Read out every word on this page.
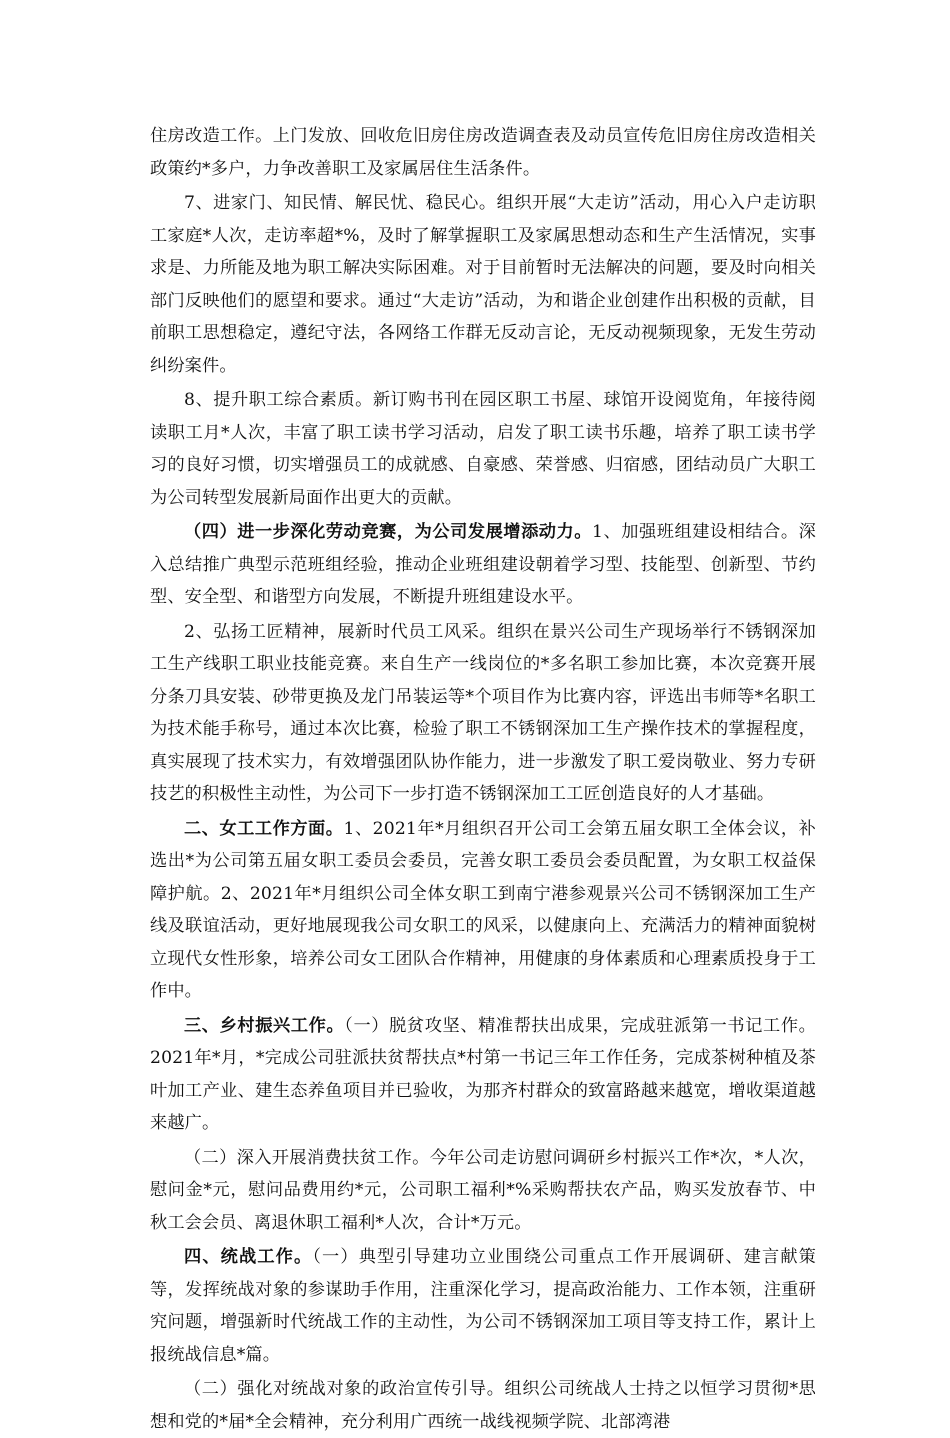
住房改造工作。上门发放、回收危旧房住房改造调查表及动员宣传危旧房住房改造相关政策约*多户，力争改善职工及家属居住生活条件。

7、进家门、知民情、解民忧、稳民心。组织开展“大走访”活动，用心入户走访职工家庭*人次，走访率超*%，及时了解掌握职工及家属思想动态和生产生活情况，实事求是、力所能及地为职工解决实际困难。对于目前暂时无法解决的问题，要及时向相关部门反映他们的愿望和要求。通过“大走访”活动，为和谐企业创建作出积极的贡献，目前职工思想稳定，遵纪守法，各网络工作群无反动言论，无反动视频现象，无发生劳动纠纷案件。

8、提升职工综合素质。新订购书刊在园区职工书屋、球馆开设阅览角，年接待阅读职工月*人次，丰富了职工读书学习活动，启发了职工读书乐趣，培养了职工读书学习的良好习惯，切实增强员工的成就感、自豪感、荣誉感、归宿感，团结动员广大职工为公司转型发展新局面作出更大的贡献。

（四）进一步深化劳动竞赛，为公司发展增添动力。1、加强班组建设相结合。深入总结推广典型示范班组经验，推动企业班组建设朝着学习型、技能型、创新型、节约型、安全型、和谐型方向发展，不断提升班组建设水平。

2、弘扬工匠精神，展新时代员工风采。组织在景兴公司生产现场举行不锈钢深加工生产线职工职业技能竞赛。来自生产一线岗位的*多名职工参加比赛，本次竞赛开展分条刀具安装、砂带更换及龙门吊装运等*个项目作为比赛内容，评选出韦师等*名职工为技术能手称号，通过本次比赛，检验了职工不锈钢深加工生产操作技术的掌握程度，真实展现了技术实力，有效增强团队协作能力，进一步激发了职工爱岗敬业、努力专研技艺的积极性主动性，为公司下一步打造不锈钢深加工工匠创造良好的人才基础。

二、女工工作方面。1、2021年*月组织召开公司工会第五届女职工全体会议，补选出*为公司第五届女职工委员会委员，完善女职工委员会委员配置，为女职工权益保障护航。2、2021年*月组织公司全体女职工到南宁港参观景兴公司不锈钢深加工生产线及联谊活动，更好地展现我公司女职工的风采，以健康向上、充满活力的精神面貌树立现代女性形象，培养公司女工团队合作精神，用健康的身体素质和心理素质投身于工作中。

三、乡村振兴工作。（一）脱贫攻坚、精准帮扶出成果，完成驻派第一书记工作。2021年*月，*完成公司驻派扶贫帮扶点*村第一书记三年工作任务，完成茶树种植及茶叶加工产业、建生态养鱼项目并已验收，为那齐村群众的致富路越来越宽，增收渠道越来越广。

（二）深入开展消费扶贫工作。今年公司走访慰问调研乡村振兴工作*次，*人次，慰问金*元，慰问品费用约*元，公司职工福利*%采购帮扶农产品，购买发放春节、中秋工会会员、离退休职工福利*人次，合计*万元。

四、统战工作。（一）典型引导建功立业围绕公司重点工作开展调研、建言献策等，发挥统战对象的参谋助手作用，注重深化学习，提高政治能力、工作本领，注重研究问题，增强新时代统战工作的主动性，为公司不锈钢深加工项目等支持工作，累计上报统战信息*篇。

（二）强化对统战对象的政治宣传引导。组织公司统战人士持之以恒学习贯彻*思想和党的*届*全会精神，充分利用广西统一战线视频学院、北部湾港
